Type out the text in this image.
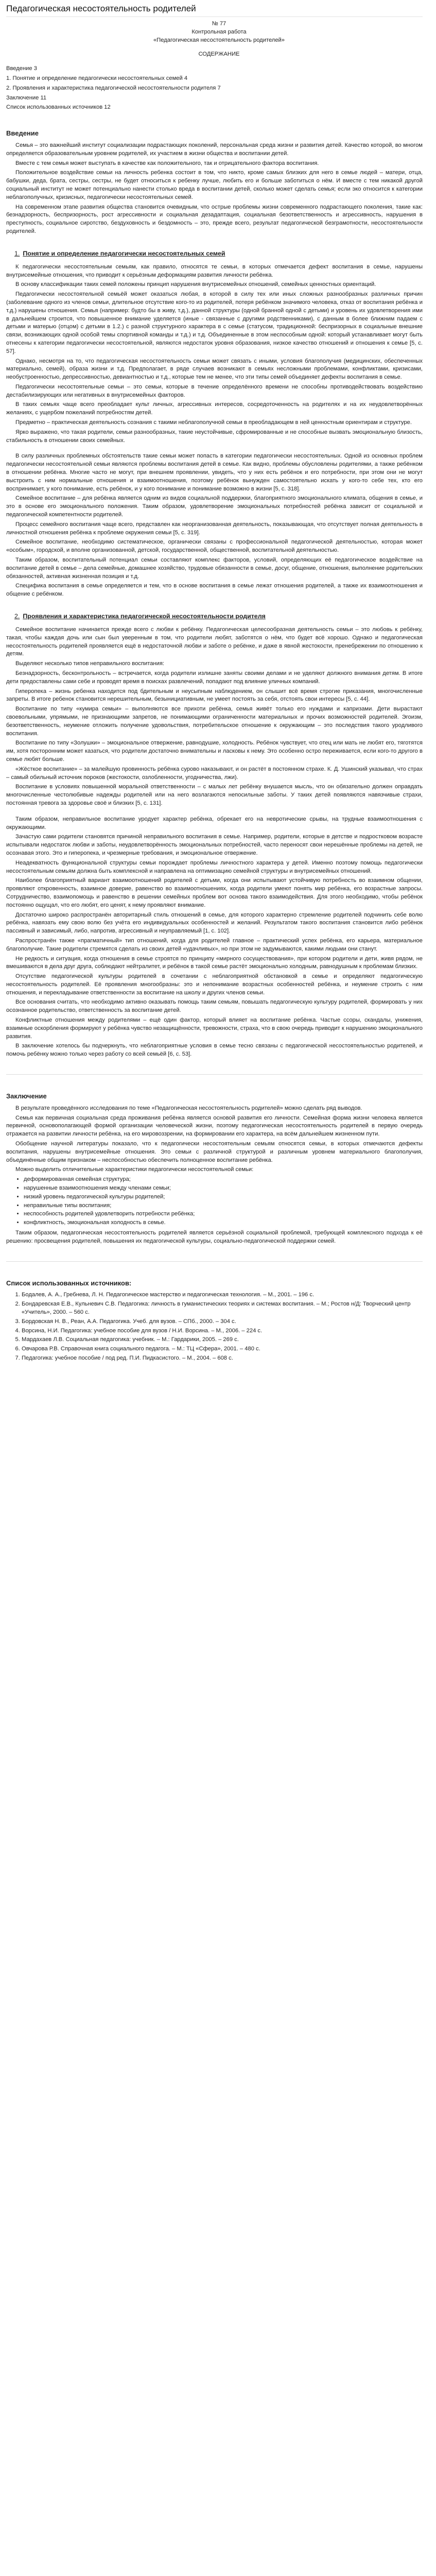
Педагогическая несостоятельность родителей

№ 77

Контрольная работа

«Педагогическая несостоятельность родителей»

СОДЕРЖАНИЕ

Введение 3

1. Понятие и определение педагогически несостоятельных семей 4

2. Проявления и характеристика педагогической несостоятельности родителя 7

Заключение 11

Список использованных источников 12

Введение

Семья – это важнейший институт социализации подрастающих поколений, персональная среда жизни и развития детей. Качество которой, во многом определяется образовательным уровнем родителей, их участием в жизни общества и воспитании детей.

Вместе с тем семья может выступать в качестве как положительного, так и отрицательного фактора воспитания.

Положительное воздействие семьи на личность ребенка состоит в том, что никто, кроме самых близких для него в семье людей – матери, отца, бабушки, деда, брата, сестры, сестры, не будет относиться к ребенку лучше, любить его и больше заботиться о нём. И вместе с тем никакой другой социальный институт не может потенциально нанести столько вреда в воспитании детей, сколько может сделать семья; если эко относится к категории неблагополучных, кризисных, педагогически несостоятельных семей.

На современном этапе развития общества становится очевидным, что острые проблемы жизни современного подрастающего поколения, такие как: безнадзорность, беспризорность, рост агрессивности и социальная дезадаптация, социальная безответственность и агрессивность, нарушения в преступность, социальное сиротство, бездуховность и бездомность – это, прежде всего, результат педагогической безграмотности, несостоятельности родителей.

1. Понятие и определение педагогически несостоятельных семей

К педагогически несостоятельным семьям, как правило, относятся те семьи, в которых отмечается дефект воспитания в семье, нарушены внутрисемейные отношения, что приводит к серьёзным деформациям развития личности ребёнка.

В основу классификации таких семей положены принцип нарушения внутрисемейных отношений, семейных ценностных ориентаций.

Педагогически несостоятельной семьёй может оказаться любая, в которой в силу тех или иных сложных разнообразных различных причин (заболевание одного из членов семьи, длительное отсутствие кого-то из родителей, потеря ребёнком значимого человека, отказ от воспитания ребёнка и т.д.) нарушены отношения. Семья (например: будто бы в живу, т.д.), данной структуры (одной бранной одной с детьми) и уровень их удовлетворения ими в дальнейшем строится, что повышенное внимание уделяется (иные - связанные с другими родственниками), с данным в более ближним падаем с детьми и матерью (отцом) с детьми в 1.2.) с разной структурного характера в с семье (статусом, традиционной: беспризорных в социальные внешние связи, возникающих одной особой темы спортивной команды и т.д.) и т.д. Объединенные в этом неспособным одной: который устанавливает могут быть отнесены к категории педагогически несостоятельной, являются недостаток уровня образования, низкое качество отношений и отношения к семье [5, с. 57].

Однако, несмотря на то, что педагогическая несостоятельность семьи может связать с иными, условия благополучия (медицинских, обеспеченных материально, семей), образа жизни и т.д. Предполагает, в ряде случаев возникают в семьях несложными проблемами, конфликтами, кризисами, необустроенностью, депрессивностью, девиантностью и т.д., которые тем не менее, что эти типы семей объединяет дефекты воспитания в семье.

Педагогически несостоятельные семьи – это семьи, которые в течение определённого времени не способны противодействовать воздействию дестабилизирующих или негативных в внутрисемейных факторов.

В таких семьях чаще всего преобладает культ личных, агрессивных интересов, сосредоточенность на родителях и на их неудовлетворённых желаниях, с ущербом пожеланий потребностям детей.

Предметно – практическая деятельность сознания с такими неблагополучной семьи в преобладающем в ней ценностным ориентирам и структуре.

Ярко выражено, что такая родители, семьи разнообразных, такие неустойчивые, сфромированные и не способные вызвать эмоциональную близость, стабильность в отношении своих семейных.

В силу различных проблемных обстоятельств такие семьи может попасть в категории педагогически несостоятельных. Одной из основных проблем педагогически несостоятельной семьи являются проблемы воспитания детей в семье. Как видно, проблемы обусловлены родителями, а также ребёнком в отношении ребёнка. Многие часто не могут, при внешнем проявлении, увидеть, что у них есть ребёнок и его потребности, при этом они не могут выстроить с ним нормальные отношения и взаимоотношения, поэтому ребёнок вынужден самостоятельно искать у кого-то себе тех, кто его воспринимает, у кого понимание, есть ребёнок, и у кого понимание и понимание возможно в жизни [5, с. 318].

Семейное воспитание – для ребёнка является одним из видов социальной поддержки, благоприятного эмоционального климата, общения в семье, и это в основе его эмоционального положения. Таким образом, удовлетворение эмоциональных потребностей ребёнка зависит от социальной и педагогической компетентности родителей.

Процесс семейного воспитания чаще всего, представлен как неорганизованная деятельность, показывающая, что отсутствует полная деятельность в личностной отношения ребёнка к проблеме окружения семьи [5, с. 319].

Семейное воспитание, необходимо систематическое, органически связаны с профессиональной педагогической деятельностью, которая может «особым», городской, и вполне организованной, детской, государственной, общественной, воспитательной деятельностью.

Таким образом, воспитательный потенциал семьи составляют комплекс факторов, условий, определяющих её педагогическое воздействие на воспитание детей в семье – дела семейные, домашнее хозяйство, трудовые обязанности в семье, досуг, общение, отношения, выполнение родительских обязанностей, активная жизненная позиция и т.д.

Специфика воспитания в семье определяется и тем, что в основе воспитания в семье лежат отношения родителей, а также их взаимоотношения и общение с ребёнком.

2. Проявления и характеристика педагогической несостоятельности родителя

Семейное воспитание начинается прежде всего с любви к ребёнку. Педагогическая целесообразная деятельность семьи – это любовь к ребёнку, такая, чтобы каждая дочь или сын был уверенным в том, что родители любят, заботятся о нём, что будет всё хорошо. Однако и педагогическая несостоятельность родителей проявляется ещё в недостаточной любви и заботе о ребёнке, и даже в явной жестокости, пренебрежении по отношению к детям.

Выделяют несколько типов неправильного воспитания:

Безнадзорность, бесконтрольность – встречается, когда родители излишне заняты своими делами и не уделяют должного внимания детям. В итоге дети предоставлены сами себе и проводят время в поисках развлечений, попадают под влияние уличных компаний.

Гиперопека – жизнь ребенка находится под бдительным и неусыпным наблюдением, он слышит всё время строгие приказания, многочисленные запреты. В итоге ребенок становится нерешительным, безынициативным, не умеет постоять за себя, отстоять свои интересы [5, с. 44].

Воспитание по типу «кумира семьи» – выполняются все прихоти ребёнка, семья живёт только его нуждами и капризами. Дети вырастают своевольными, упрямыми, не признающими запретов, не понимающими ограниченности материальных и прочих возможностей родителей. Эгоизм, безответственность, неумение отложить получение удовольствия, потребительское отношение к окружающим – это последствия такого уродливого воспитания.

Воспитание по типу «Золушки» – эмоциональное отвержение, равнодушие, холодность. Ребёнок чувствует, что отец или мать не любят его, тяготятся им, хотя посторонним может казаться, что родители достаточно внимательны и ласковы к нему. Это особенно остро переживается, если кого-то другого в семье любят больше.

«Жёсткое воспитание» – за малейшую провинность ребёнка сурово наказывают, и он растёт в постоянном страхе. К. Д. Ушинский указывал, что страх – самый обильный источник пороков (жестокости, озлобленности, угодничества, лжи).

Воспитание в условиях повышенной моральной ответственности – с малых лет ребёнку внушается мысль, что он обязательно должен оправдать многочисленные честолюбивые надежды родителей или на него возлагаются непосильные заботы. У таких детей появляются навязчивые страхи, постоянная тревога за здоровье своё и близких [5, с. 131].

Таким образом, неправильное воспитание уродует характер ребёнка, обрекает его на невротические срывы, на трудные взаимоотношения с окружающими.

Зачастую сами родители становятся причиной неправильного воспитания в семье. Например, родители, которые в детстве и подростковом возрасте испытывали недостаток любви и заботы, неудовлетворённость эмоциональных потребностей, часто переносят свои нерешённые проблемы на детей, не осознавая этого. Это и гиперопека, и чрезмерные требования, и эмоциональное отвержение.

Неадекватность функциональной структуры семьи порождает проблемы личностного характера у детей. Именно поэтому помощь педагогически несостоятельным семьям должна быть комплексной и направлена на оптимизацию семейной структуры и внутрисемейных отношений.

Наиболее благоприятный вариант взаимоотношений родителей с детьми, когда они испытывают устойчивую потребность во взаимном общении, проявляют откровенность, взаимное доверие, равенство во взаимоотношениях, когда родители умеют понять мир ребёнка, его возрастные запросы. Сотрудничество, взаимопомощь и равенство в решении семейных проблем вот основа такого взаимодействия. Для этого необходимо, чтобы ребёнок постоянно ощущал, что его любят, его ценят, к нему проявляют внимание.

Достаточно широко распространён авторитарный стиль отношений в семье, для которого характерно стремление родителей подчинить себе волю ребёнка, навязать ему свою волю без учёта его индивидуальных особенностей и желаний. Результатом такого воспитания становится либо ребёнок пассивный и зависимый, либо, напротив, агрессивный и неуправляемый [1, с. 102].

Распространён также «прагматичный» тип отношений, когда для родителей главное – практический успех ребёнка, его карьера, материальное благополучие. Такие родители стремятся сделать из своих детей «удачливых», но при этом не задумываются, какими людьми они станут.

Не редкость и ситуация, когда отношения в семье строятся по принципу «мирного сосуществования», при котором родители и дети, живя рядом, не вмешиваются в дела друг друга, соблюдают нейтралитет, и ребёнок в такой семье растёт эмоционально холодным, равнодушным к проблемам близких.

Отсутствие педагогической культуры родителей в сочетании с неблагоприятной обстановкой в семье и определяют педагогическую несостоятельность родителей. Её проявления многообразны: это и непонимание возрастных особенностей ребёнка, и неумение строить с ним отношения, и перекладывание ответственности за воспитание на школу и других членов семьи.

Все основания считать, что необходимо активно оказывать помощь таким семьям, повышать педагогическую культуру родителей, формировать у них осознанное родительство, ответственность за воспитание детей.

Конфликтные отношения между родителями – ещё один фактор, который влияет на воспитание ребёнка. Частые ссоры, скандалы, унижения, взаимные оскорбления формируют у ребёнка чувство незащищённости, тревожности, страха, что в свою очередь приводит к нарушению эмоционального развития.

В заключение хотелось бы подчеркнуть, что неблагоприятные условия в семье тесно связаны с педагогической несостоятельностью родителей, и помочь ребёнку можно только через работу со всей семьёй [6, с. 53].

Заключение

В результате проведённого исследования по теме «Педагогическая несостоятельность родителей» можно сделать ряд выводов.

Семья как первичная социальная среда проживания ребёнка является основой развития его личности. Семейная форма жизни человека является первичной, основополагающей формой организации человеческой жизни, поэтому педагогическая несостоятельность родителей в первую очередь отражается на развитии личности ребёнка, на его мировоззрении, на формировании его характера, на всём дальнейшем жизненном пути.

Обобщение научной литературы показало, что к педагогически несостоятельным семьям относятся семьи, в которых отмечаются дефекты воспитания, нарушены внутрисемейные отношения. Это семьи с различной структурой и различным уровнем материального благополучия, объединённые общим признаком – неспособностью обеспечить полноценное воспитание ребёнка.

Можно выделить отличительные характеристики педагогически несостоятельной семьи:

• деформированная семейная структура;
• нарушенные взаимоотношения между членами семьи;
• низкий уровень педагогической культуры родителей;
• неправильные типы воспитания;
• неспособность родителей удовлетворить потребности ребёнка;
• конфликтность, эмоциональная холодность в семье.

Таким образом, педагогическая несостоятельность родителей является серьёзной социальной проблемой, требующей комплексного подхода к её решению: просвещения родителей, повышения их педагогической культуры, социально-педагогической поддержки семей.

Список использованных источников:
1. Бодалев, А. А., Гребнева, Л. Н. Педагогическое мастерство и педагогическая технология. – М., 2001. – 196 с.
2. Бондаревская Е.В., Кульневич С.В. Педагогика: личность в гуманистических теориях и системах воспитания. – М.; Ростов н/Д: Творческий центр «Учитель», 2000. – 560 с.
3. Бордовская Н. В., Реан, А.А. Педагогика. Учеб. для вузов. – СПб., 2000. – 304 с.
4. Ворсина, Н.И. Педагогика: учебное пособие для вузов / Н.И. Ворсина. – М., 2006. – 224 с.
5. Мардахаев Л.В. Социальная педагогика: учебник. – М.: Гардарики, 2005. – 269 с.
6. Овчарова Р.В. Справочная книга социального педагога. – М.: ТЦ «Сфера», 2001. – 480 с.
7. Педагогика: учебное пособие / под ред. П.И. Пидкасистого. – М., 2004. – 608 с.
